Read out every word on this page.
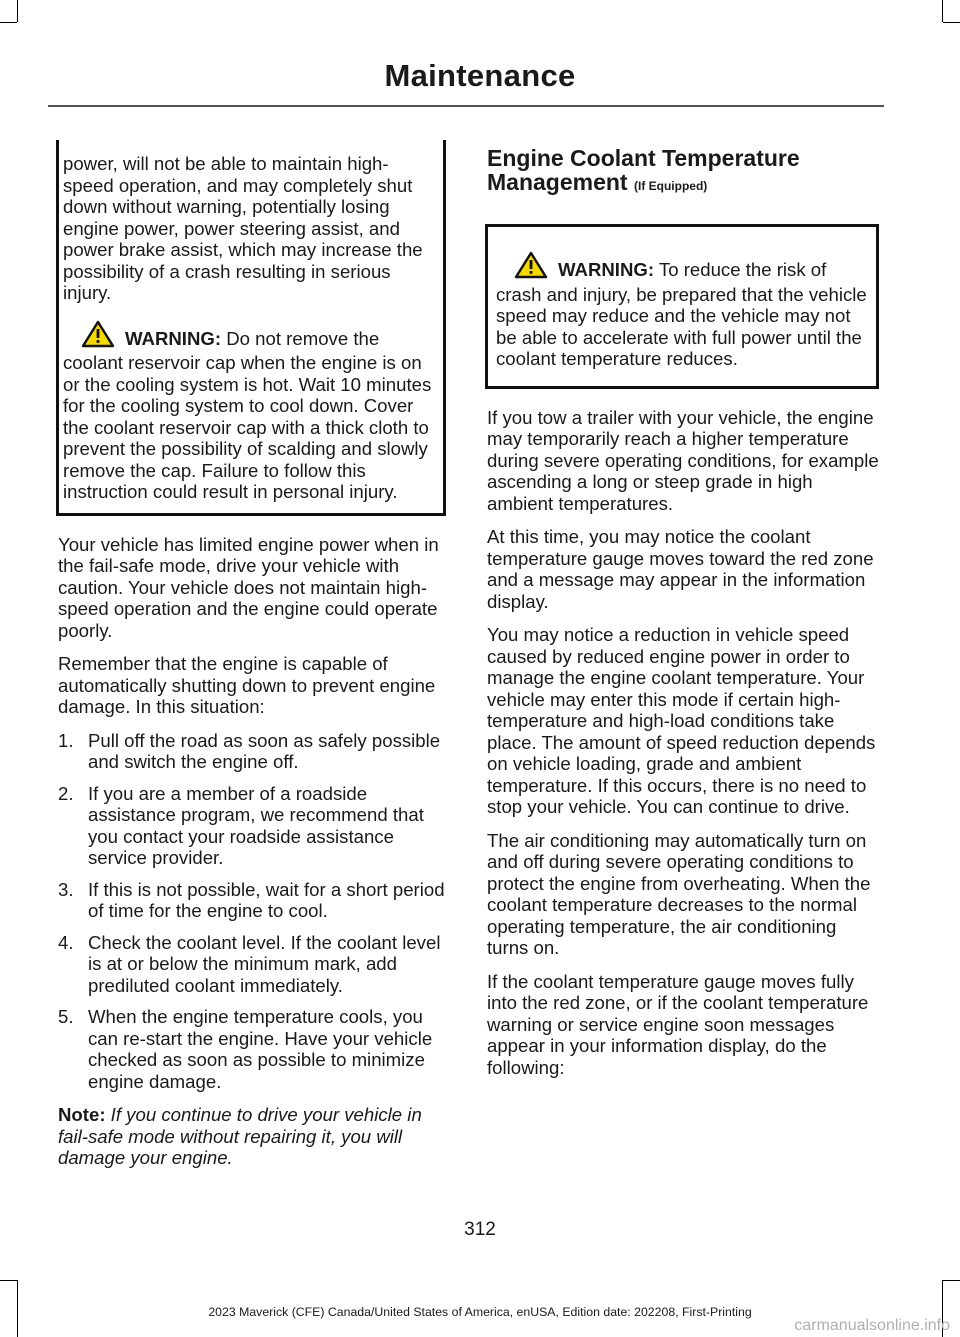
Maintenance

power, will not be able to maintain high-speed operation, and may completely shut down without warning, potentially losing engine power, power steering assist, and power brake assist, which may increase the possibility of a crash resulting in serious injury.

WARNING: Do not remove the coolant reservoir cap when the engine is on or the cooling system is hot. Wait 10 minutes for the cooling system to cool down. Cover the coolant reservoir cap with a thick cloth to prevent the possibility of scalding and slowly remove the cap. Failure to follow this instruction could result in personal injury.

Your vehicle has limited engine power when in the fail-safe mode, drive your vehicle with caution. Your vehicle does not maintain high-speed operation and the engine could operate poorly.

Remember that the engine is capable of automatically shutting down to prevent engine damage. In this situation:

1. Pull off the road as soon as safely possible and switch the engine off.
2. If you are a member of a roadside assistance program, we recommend that you contact your roadside assistance service provider.
3. If this is not possible, wait for a short period of time for the engine to cool.
4. Check the coolant level. If the coolant level is at or below the minimum mark, add prediluted coolant immediately.
5. When the engine temperature cools, you can re-start the engine. Have your vehicle checked as soon as possible to minimize engine damage.

Note: If you continue to drive your vehicle in fail-safe mode without repairing it, you will damage your engine.

Engine Coolant Temperature Management (If Equipped)

WARNING: To reduce the risk of crash and injury, be prepared that the vehicle speed may reduce and the vehicle may not be able to accelerate with full power until the coolant temperature reduces.

If you tow a trailer with your vehicle, the engine may temporarily reach a higher temperature during severe operating conditions, for example ascending a long or steep grade in high ambient temperatures.

At this time, you may notice the coolant temperature gauge moves toward the red zone and a message may appear in the information display.

You may notice a reduction in vehicle speed caused by reduced engine power in order to manage the engine coolant temperature. Your vehicle may enter this mode if certain high-temperature and high-load conditions take place. The amount of speed reduction depends on vehicle loading, grade and ambient temperature. If this occurs, there is no need to stop your vehicle. You can continue to drive.

The air conditioning may automatically turn on and off during severe operating conditions to protect the engine from overheating. When the coolant temperature decreases to the normal operating temperature, the air conditioning turns on.

If the coolant temperature gauge moves fully into the red zone, or if the coolant temperature warning or service engine soon messages appear in your information display, do the following:

312
2023 Maverick (CFE) Canada/United States of America, enUSA, Edition date: 202208, First-Printing
carmanualsonline.info
